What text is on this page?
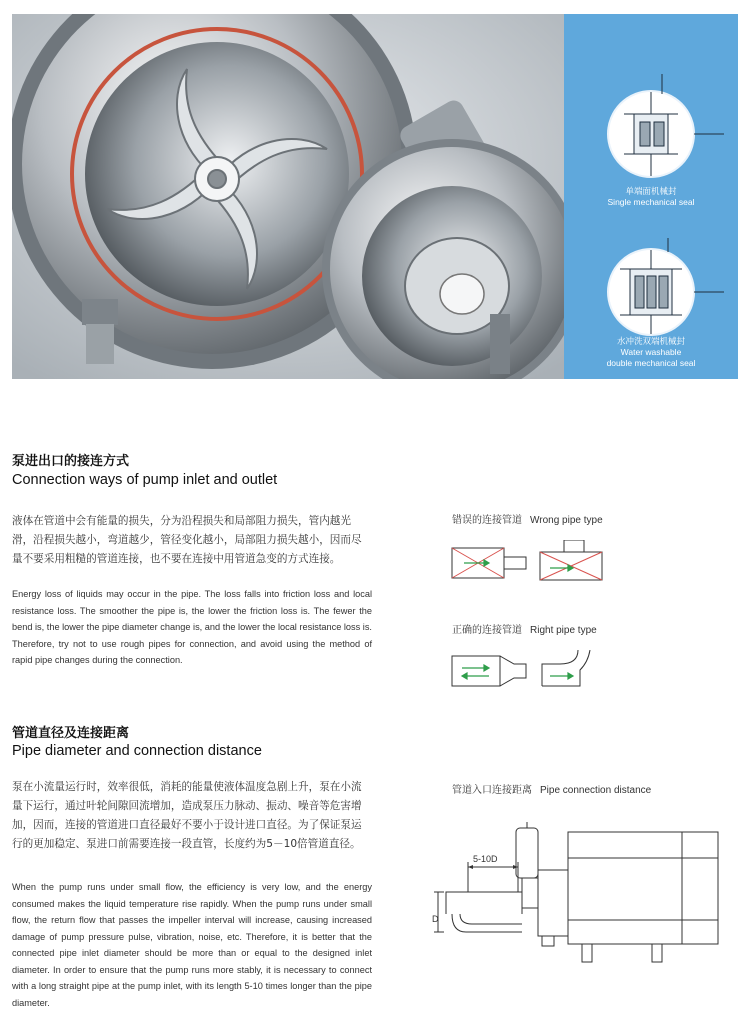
单端面机械封
Single mechanical seal
水冲洗双端机械封
Water washable
double mechanical seal
泵进出口的接连方式
Connection ways of pump inlet and outlet
液体在管道中会有能量的损失，分为沿程损失和局部阻力损失，管内越光滑，沿程损失越小，弯道越少，管径变化越小，局部阻力损失越小，因而尽量不要采用粗糙的管道连接，也不要在连接中用管道急变的方式连接。
Energy loss of liquids may occur in the pipe. The loss falls into friction loss and local resistance loss. The smoother the pipe is, the lower the friction loss is. The fewer the bend is, the lower the pipe diameter change is, and the lower the local resistance loss is. Therefore, try not to use rough pipes for connection, and avoid using the method of rapid pipe changes during the connection.
错误的连接管道 Wrong pipe type
正确的连接管道 Right pipe type
管道直径及连接距离
Pipe diameter and connection distance
泵在小流量运行时，效率很低，消耗的能量使液体温度急剧上升，泵在小流量下运行，通过叶轮间隙回流增加，造成泵压力脉动、振动、噪音等危害增加，因而，连接的管道进口直径最好不要小于设计进口直径。为了保证泵运行的更加稳定、泵进口前需要连接一段直管，长度约为5－10倍管道直径。
When the pump runs under small flow, the efficiency is very low, and the energy consumed makes the liquid temperature rise rapidly. When the pump runs under small flow, the return flow that passes the impeller interval will increase, causing increased damage of pump pressure pulse, vibration, noise, etc. Therefore, it is better that the connected pipe inlet diameter should be more than or equal to the designed inlet diameter. In order to ensure that the pump runs more stably, it is necessary to connect with a long straight pipe at the pump inlet, with its length 5-10 times longer than the pipe diameter.
管道入口连接距离 Pipe connection distance
5-10D
D
